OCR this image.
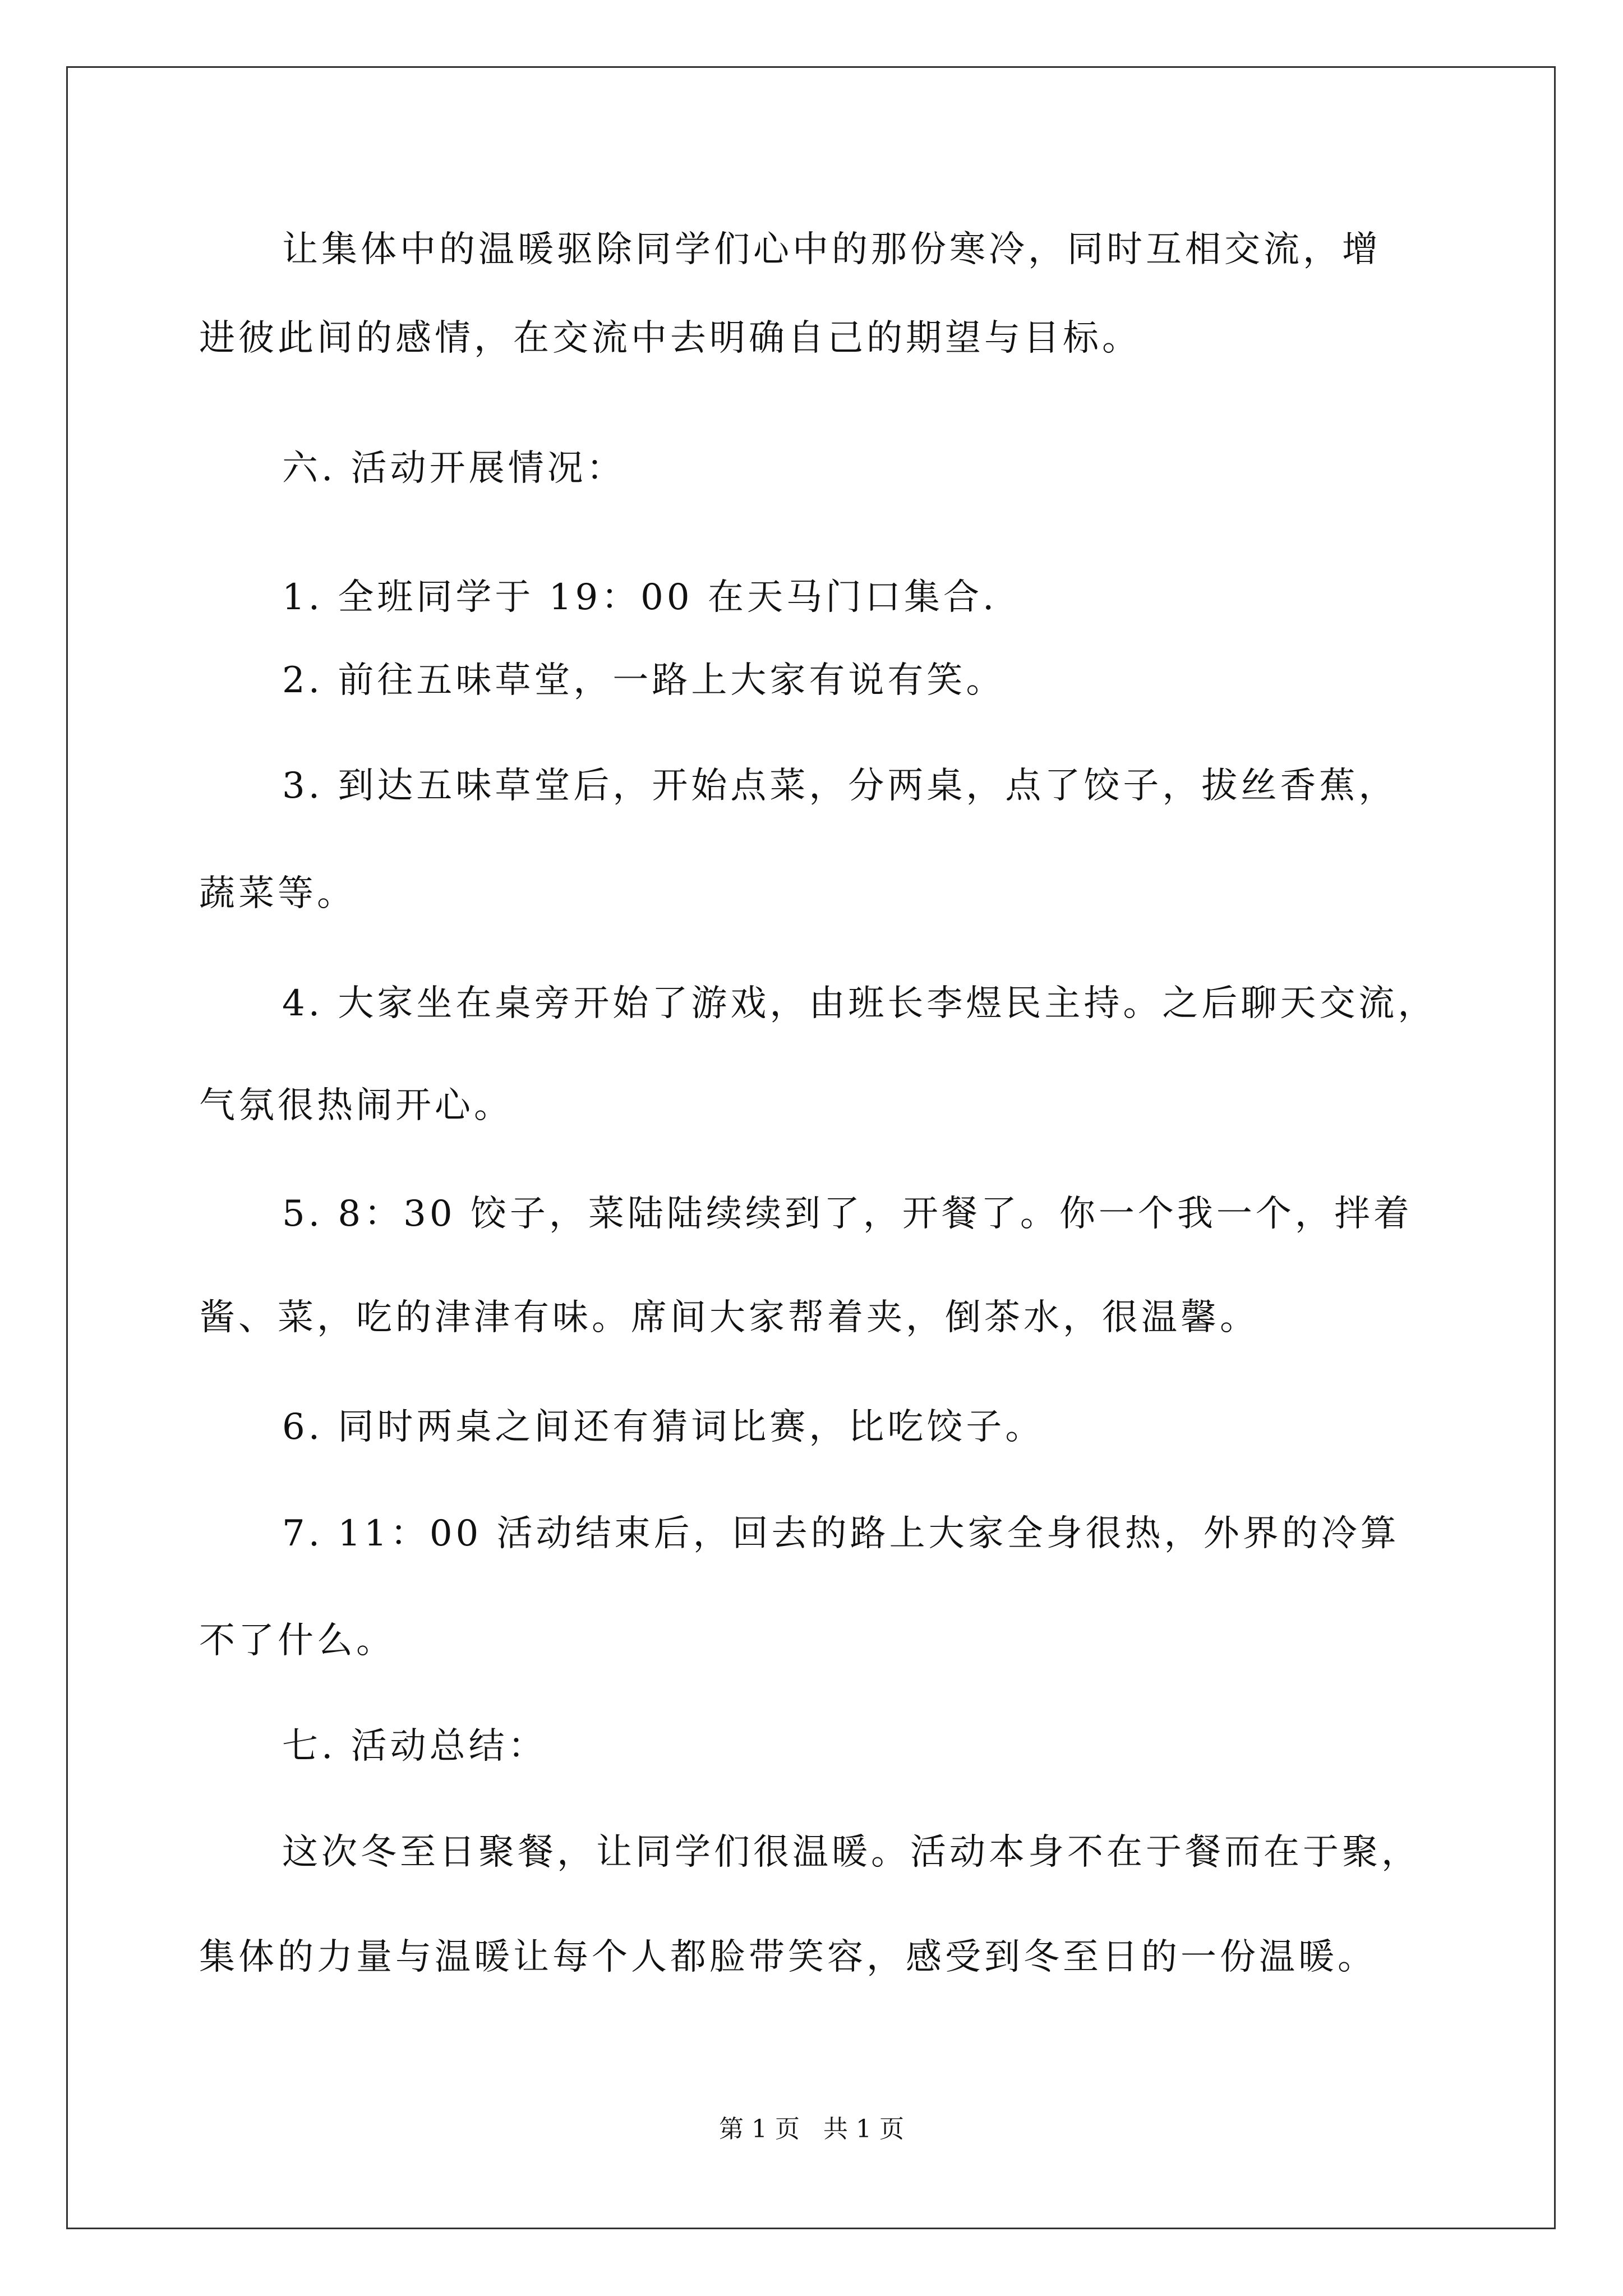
让集体中的温暖驱除同学们心中的那份寒冷，同时互相交流，增
进彼此间的感情，在交流中去明确自己的期望与目标。
六. 活动开展情况：
1. 全班同学于 19：00 在天马门口集合.
2. 前往五味草堂，一路上大家有说有笑。
3. 到达五味草堂后，开始点菜，分两桌，点了饺子，拔丝香蕉，
蔬菜等。
4. 大家坐在桌旁开始了游戏，由班长李煜民主持。之后聊天交流，
气氛很热闹开心。
5. 8：30 饺子，菜陆陆续续到了，开餐了。你一个我一个，拌着
酱、菜，吃的津津有味。席间大家帮着夹，倒茶水，很温馨。
6. 同时两桌之间还有猜词比赛，比吃饺子。
7. 11：00 活动结束后，回去的路上大家全身很热，外界的冷算
不了什么。
七. 活动总结：
这次冬至日聚餐，让同学们很温暖。活动本身不在于餐而在于聚，
集体的力量与温暖让每个人都脸带笑容，感受到冬至日的一份温暖。
第 1 页   共 1 页
